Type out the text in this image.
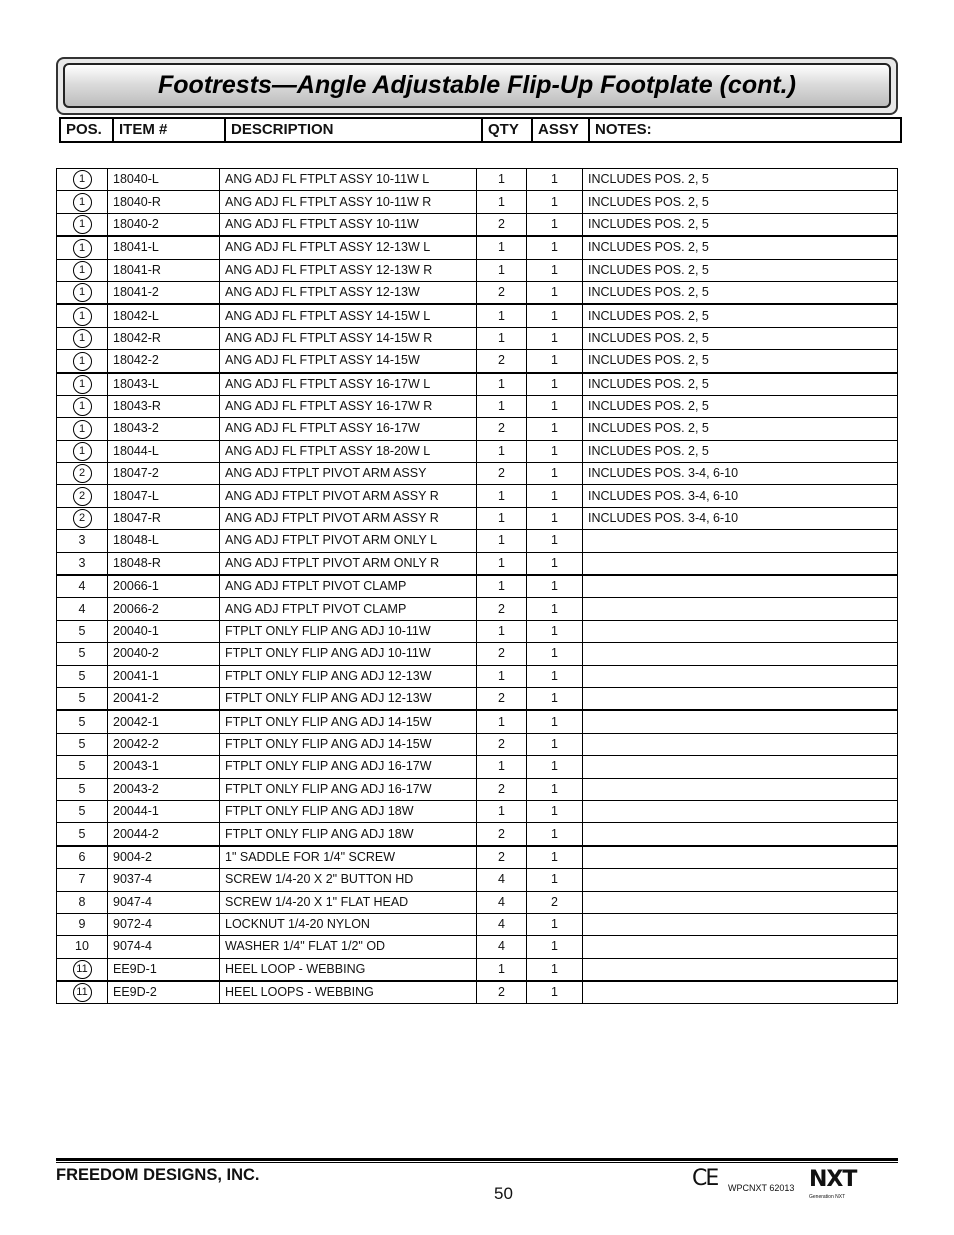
Footrests—Angle Adjustable Flip-Up Footplate (cont.)
POS.	ITEM #	DESCRIPTION	QTY	ASSY	NOTES:
1	18040-L	ANG ADJ FL FTPLT ASSY 10-11W L	1	1	INCLUDES POS. 2, 5
1	18040-R	ANG ADJ FL FTPLT ASSY 10-11W R	1	1	INCLUDES POS. 2, 5
1	18040-2	ANG ADJ FL FTPLT ASSY 10-11W	2	1	INCLUDES POS. 2, 5
1	18041-L	ANG ADJ FL FTPLT ASSY 12-13W L	1	1	INCLUDES POS. 2, 5
1	18041-R	ANG ADJ FL FTPLT ASSY 12-13W R	1	1	INCLUDES POS. 2, 5
1	18041-2	ANG ADJ FL FTPLT ASSY 12-13W	2	1	INCLUDES POS. 2, 5
1	18042-L	ANG ADJ FL FTPLT ASSY 14-15W L	1	1	INCLUDES POS. 2, 5
1	18042-R	ANG ADJ FL FTPLT ASSY 14-15W R	1	1	INCLUDES POS. 2, 5
1	18042-2	ANG ADJ FL FTPLT ASSY 14-15W	2	1	INCLUDES POS. 2, 5
1	18043-L	ANG ADJ FL FTPLT ASSY 16-17W L	1	1	INCLUDES POS. 2, 5
1	18043-R	ANG ADJ FL FTPLT ASSY 16-17W R	1	1	INCLUDES POS. 2, 5
1	18043-2	ANG ADJ FL FTPLT ASSY 16-17W	2	1	INCLUDES POS. 2, 5
1	18044-L	ANG ADJ FL FTPLT ASSY 18-20W L	1	1	INCLUDES POS. 2, 5
2	18047-2	ANG ADJ FTPLT PIVOT ARM ASSY	2	1	INCLUDES POS. 3-4, 6-10
2	18047-L	ANG ADJ FTPLT PIVOT ARM ASSY R	1	1	INCLUDES POS. 3-4, 6-10
2	18047-R	ANG ADJ FTPLT PIVOT ARM ASSY R	1	1	INCLUDES POS. 3-4, 6-10
3	18048-L	ANG ADJ FTPLT PIVOT ARM ONLY L	1	1	
3	18048-R	ANG ADJ FTPLT PIVOT ARM ONLY R	1	1	
4	20066-1	ANG ADJ FTPLT PIVOT CLAMP	1	1	
4	20066-2	ANG ADJ FTPLT PIVOT CLAMP	2	1	
5	20040-1	FTPLT ONLY FLIP ANG ADJ 10-11W	1	1	
5	20040-2	FTPLT ONLY FLIP ANG ADJ 10-11W	2	1	
5	20041-1	FTPLT ONLY FLIP ANG ADJ 12-13W	1	1	
5	20041-2	FTPLT ONLY FLIP ANG ADJ 12-13W	2	1	
5	20042-1	FTPLT ONLY FLIP ANG ADJ 14-15W	1	1	
5	20042-2	FTPLT ONLY FLIP ANG ADJ 14-15W	2	1	
5	20043-1	FTPLT ONLY FLIP ANG ADJ 16-17W	1	1	
5	20043-2	FTPLT ONLY FLIP ANG ADJ 16-17W	2	1	
5	20044-1	FTPLT ONLY FLIP ANG ADJ 18W	1	1	
5	20044-2	FTPLT ONLY FLIP ANG ADJ 18W	2	1	
6	9004-2	1" SADDLE FOR 1/4" SCREW	2	1	
7	9037-4	SCREW 1/4-20 X 2" BUTTON HD	4	1	
8	9047-4	SCREW 1/4-20 X 1" FLAT HEAD	4	2	
9	9072-4	LOCKNUT 1/4-20 NYLON	4	1	
10	9074-4	WASHER 1/4" FLAT 1/2" OD	4	1	
11	EE9D-1	HEEL LOOP - WEBBING	1	1	
11	EE9D-2	HEEL LOOPS - WEBBING	2	1	
FREEDOM DESIGNS, INC.
50
CE WPCNXT 62013 NXT
Generation NXT
